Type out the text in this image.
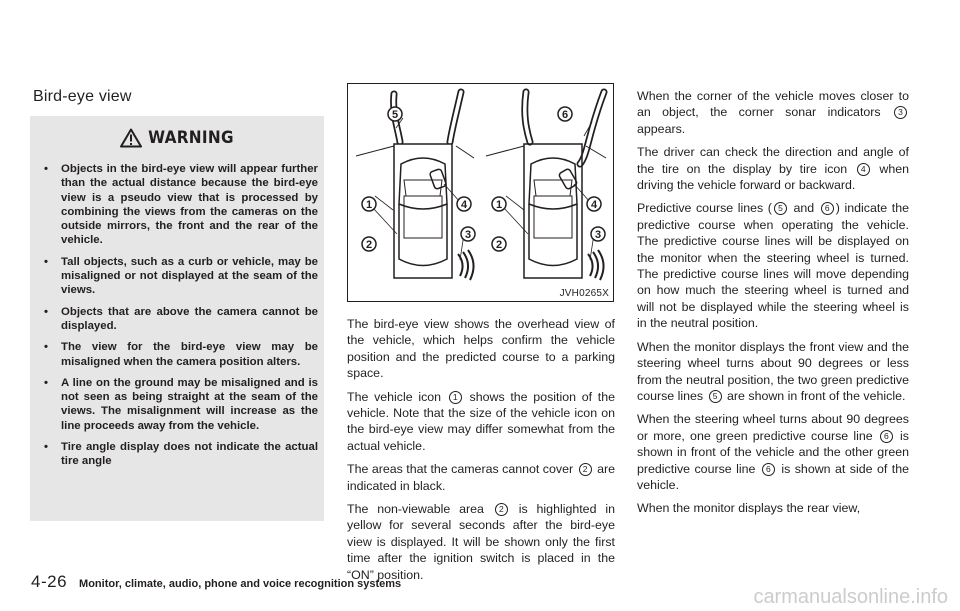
Bird-eye view
WARNING
• Objects in the bird-eye view will appear further than the actual distance because the bird-eye view is a pseudo view that is processed by combining the views from the cameras on the outside mirrors, the front and the rear of the vehicle.
• Tall objects, such as a curb or vehicle, may be misaligned or not displayed at the seam of the views.
• Objects that are above the camera cannot be displayed.
• The view for the bird-eye view may be misaligned when the camera position alters.
• A line on the ground may be misaligned and is not seen as being straight at the seam of the views. The misalignment will increase as the line proceeds away from the vehicle.
• Tire angle display does not indicate the actual tire angle
5
1	4
2
3
6
1	4
2
3
JVH0265X

The bird-eye view shows the overhead view of the vehicle, which helps confirm the vehicle position and the predicted course to a parking space.

The vehicle icon 1 shows the position of the vehicle. Note that the size of the vehicle icon on the bird-eye view may differ somewhat from the actual vehicle.

The areas that the cameras cannot cover 2 are indicated in black.

The non-viewable area 2 is highlighted in yellow for several seconds after the bird-eye view is displayed. It will be shown only the first time after the ignition switch is placed in the “ON” position.

When the corner of the vehicle moves closer to an object, the corner sonar indicators 3 appears.

The driver can check the direction and angle of the tire on the display by tire icon 4 when driving the vehicle forward or backward.

Predictive course lines ( 5 and 6 ) indicate the predictive course when operating the vehicle. The predictive course lines will be displayed on the monitor when the steering wheel is turned. The predictive course lines will move depending on how much the steering wheel is turned and will not be displayed while the steering wheel is in the neutral position.

When the monitor displays the front view and the steering wheel turns about 90 degrees or less from the neutral position, the two green predictive course lines 5 are shown in front of the vehicle.

When the steering wheel turns about 90 degrees or more, one green predictive course line 6 is shown in front of the vehicle and the other green predictive course line 6 is shown at side of the vehicle.

When the monitor displays the rear view,

4-26 Monitor, climate, audio, phone and voice recognition systems
carmanualsonline.info
